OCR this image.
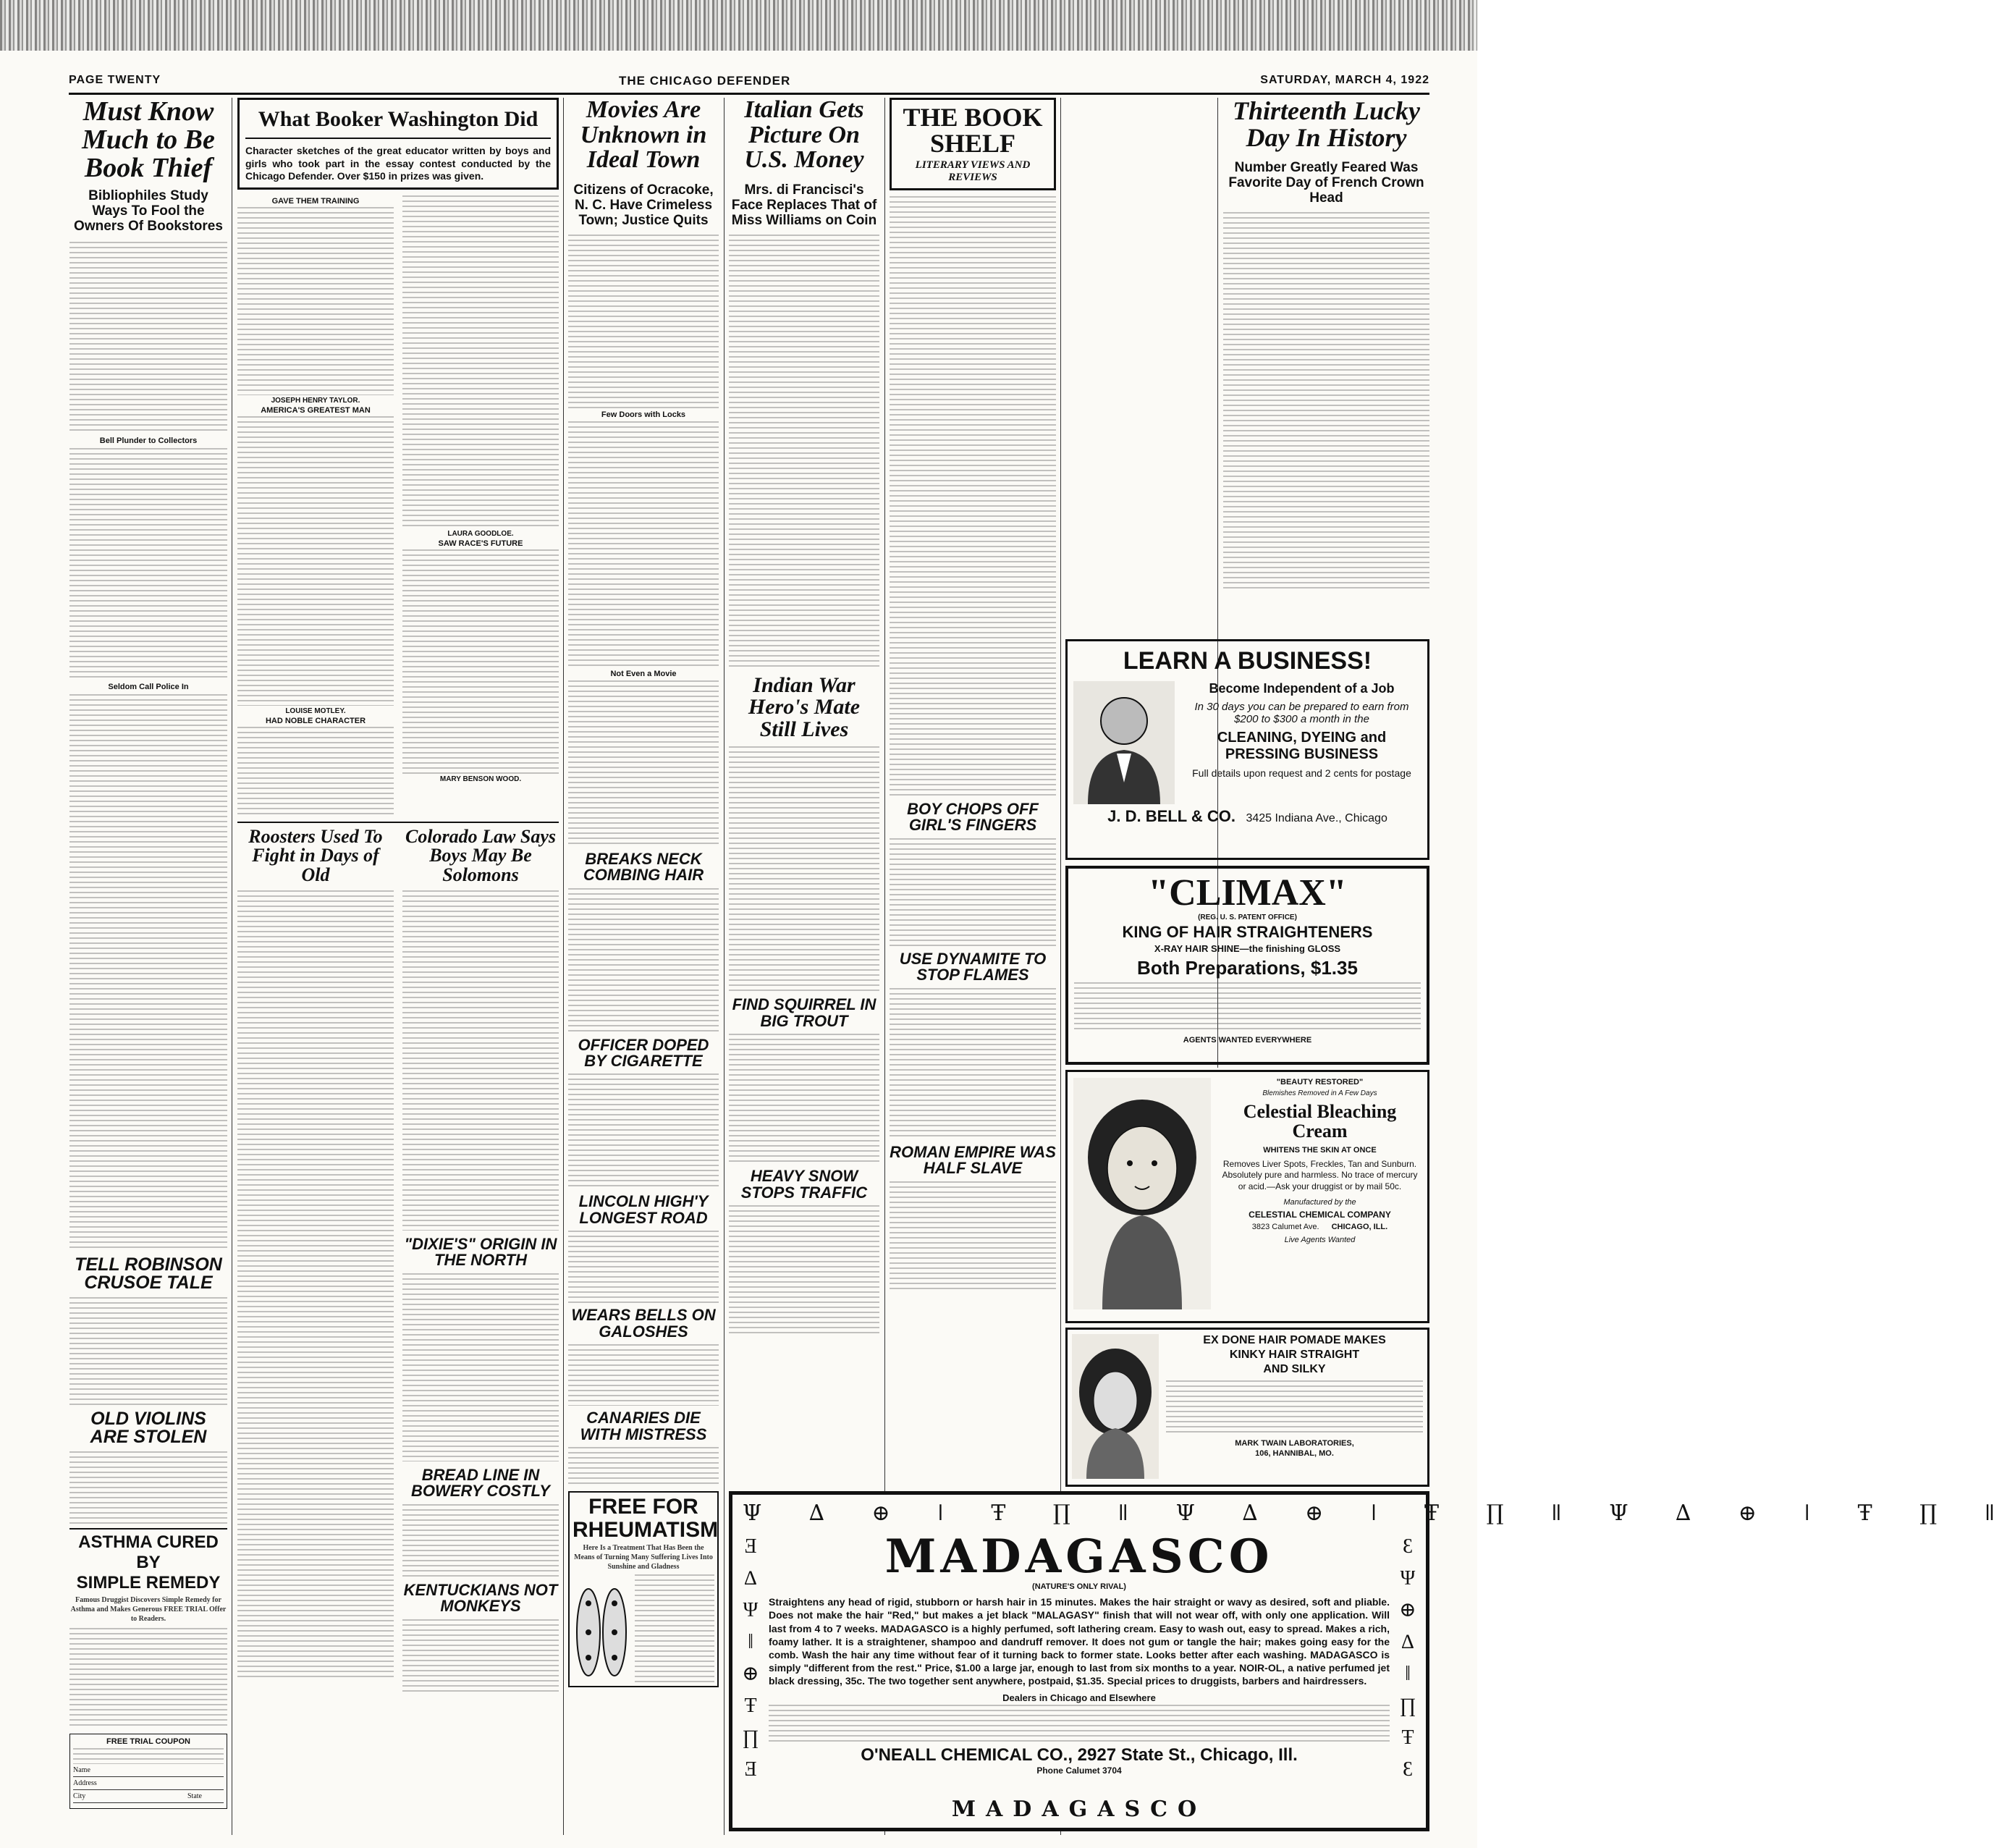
PAGE TWENTY	THE CHICAGO DEFENDER	SATURDAY, MARCH 4, 1922

Must Know Much to Be Book Thief

Bibliophiles Study Ways To Fool the Owners Of Bookstores

Bell Plunder to Collectors

Seldom Call Police In

TELL ROBINSON CRUSOE TALE

OLD VIOLINS ARE STOLEN

ASTHMA CURED BY

SIMPLE REMEDY

Famous Druggist Discovers Simple Remedy for Asthma and Makes Generous FREE TRIAL Offer to Readers.

FREE TRIAL COUPON

Name
Address
City	State

What Booker Washington Did

Character sketches of the great educator written by boys and girls who took part in the essay contest conducted by the Chicago Defender. Over $150 in prizes was given.

GAVE THEM TRAINING

JOSEPH HENRY TAYLOR.

AMERICA'S GREATEST MAN

LOUISE MOTLEY.

HAD NOBLE CHARACTER

LAURA GOODLOE.

SAW RACE'S FUTURE

MARY BENSON WOOD.

Roosters Used To Fight in Days of Old

Colorado Law Says Boys May Be Solomons

"DIXIE'S" ORIGIN IN THE NORTH

BREAD LINE IN BOWERY COSTLY

KENTUCKIANS NOT MONKEYS

Movies Are Unknown in Ideal Town

Citizens of Ocracoke, N. C. Have Crimeless Town; Justice Quits

Few Doors with Locks

Not Even a Movie

BREAKS NECK COMBING HAIR

OFFICER DOPED BY CIGARETTE

LINCOLN HIGH'Y LONGEST ROAD

WEARS BELLS ON GALOSHES

CANARIES DIE WITH MISTRESS

FREE FOR RHEUMATISM

Here Is a Treatment That Has Been the Means of Turning Many Suffering Lives Into Sunshine and Gladness

Italian Gets Picture On U.S. Money

Mrs. di Francisci's Face Replaces That of Miss Williams on Coin

Indian War Hero's Mate Still Lives

FIND SQUIRREL IN BIG TROUT

HEAVY SNOW STOPS TRAFFIC

THE BOOK SHELF

LITERARY VIEWS AND REVIEWS

BOY CHOPS OFF GIRL'S FINGERS

USE DYNAMITE TO STOP FLAMES

ROMAN EMPIRE WAS HALF SLAVE

Thirteenth Lucky Day In History

Number Greatly Feared Was Favorite Day of French Crown Head

LEARN A BUSINESS!

Become Independent of a Job

In 30 days you can be prepared to earn from $200 to $300 a month in the

CLEANING, DYEING and PRESSING BUSINESS

Full details upon request and 2 cents for postage

J. D. BELL & CO. 3425 Indiana Ave., Chicago

"CLIMAX"

(REG. U. S. PATENT OFFICE)

KING OF HAIR STRAIGHTENERS

X-RAY HAIR SHINE—the finishing GLOSS

Both Preparations, $1.35

AGENTS WANTED EVERYWHERE

"BEAUTY RESTORED"

Blemishes Removed in A Few Days

Celestial Bleaching Cream

WHITENS THE SKIN AT ONCE

Removes Liver Spots, Freckles, Tan and Sunburn. Absolutely pure and harmless. No trace of mercury or acid.—Ask your druggist or by mail 50c.

Manufactured by the

CELESTIAL CHEMICAL COMPANY

3823 Calumet Ave. CHICAGO, ILL.

Live Agents Wanted

EX DONE HAIR POMADE MAKES

KINKY HAIR STRAIGHT

AND SILKY

MARK TWAIN LABORATORIES,

106, HANNIBAL, MO.

Ψ ∆ ⊕ ǀ Ŧ ∏ ǁ Ψ ∆ ⊕ ǀ Ŧ ∏ ǁ Ψ ∆ ⊕ ǀ Ŧ ∏ ǁ
Ǝ
∆
Ψ
ǁ
⊕
Ŧ
∏
Ǝ
Ɛ
Ψ
⊕
∆
ǁ
∏
Ŧ
Ɛ

MADAGASCO

(NATURE'S ONLY RIVAL)

Straightens any head of rigid, stubborn or harsh hair in 15 minutes. Makes the hair straight or wavy as desired, soft and pliable. Does not make the hair "Red," but makes a jet black "MALAGASY" finish that will not wear off, with only one application. Will last from 4 to 7 weeks. MADAGASCO is a highly perfumed, soft lathering cream. Easy to wash out, easy to spread. Makes a rich, foamy lather. It is a straightener, shampoo and dandruff remover. It does not gum or tangle the hair; makes going easy for the comb. Wash the hair any time without fear of it turning back to former state. Looks better after each washing. MADAGASCO is simply "different from the rest." Price, $1.00 a large jar, enough to last from six months to a year. NOIR-OL, a native perfumed jet black dressing, 35c. The two together sent anywhere, postpaid, $1.35. Special prices to druggists, barbers and hairdressers.

Dealers in Chicago and Elsewhere

O'NEALL CHEMICAL CO., 2927 State St., Chicago, Ill.

Phone Calumet 3704

MADAGASCO
